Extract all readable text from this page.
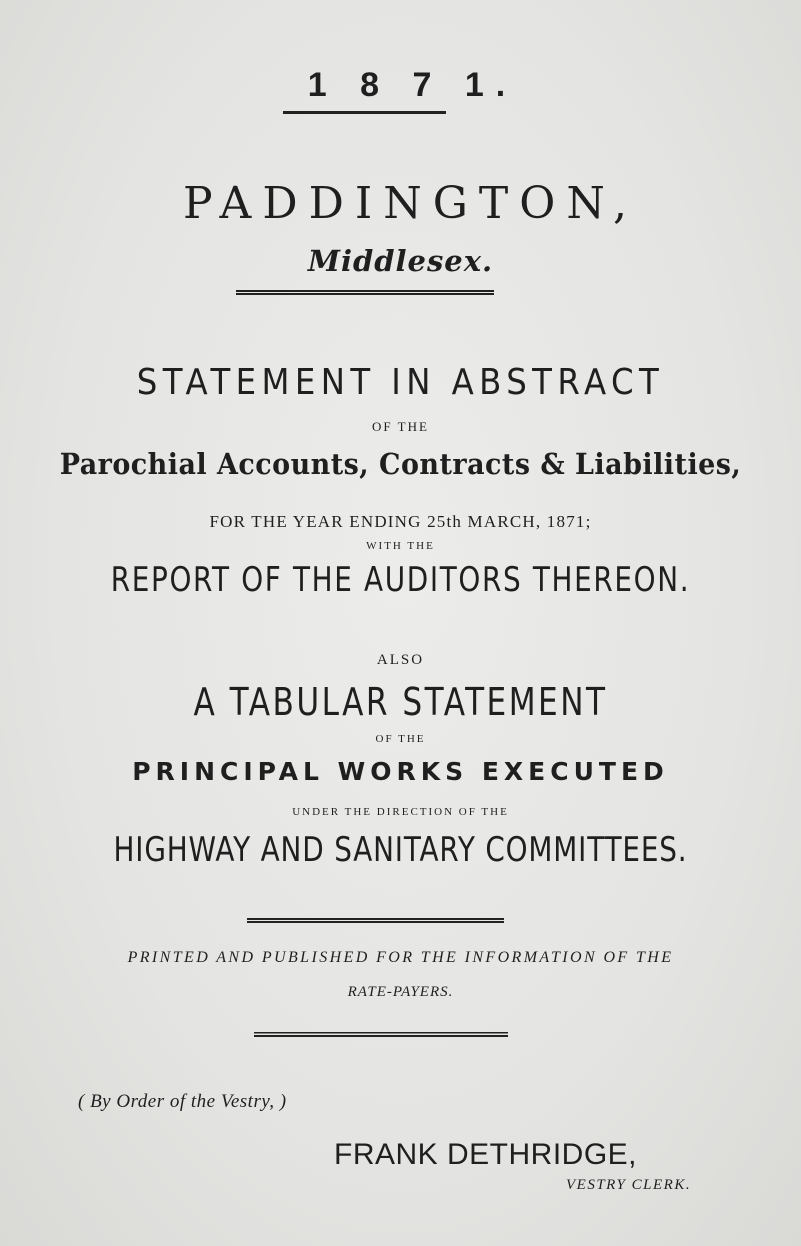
1 8 7 1.
PADDINGTON,
Middlesex.
STATEMENT IN ABSTRACT
OF THE
Parochial Accounts, Contracts & Liabilities,
FOR THE YEAR ENDING 25th MARCH, 1871;
WITH THE
REPORT OF THE AUDITORS THEREON.
ALSO
A TABULAR STATEMENT
OF THE
PRINCIPAL WORKS EXECUTED
UNDER THE DIRECTION OF THE
HIGHWAY AND SANITARY COMMITTEES.
PRINTED AND PUBLISHED FOR THE INFORMATION OF THE
RATE-PAYERS.
( By Order of the Vestry, )
FRANK DETHRIDGE,
VESTRY CLERK.
